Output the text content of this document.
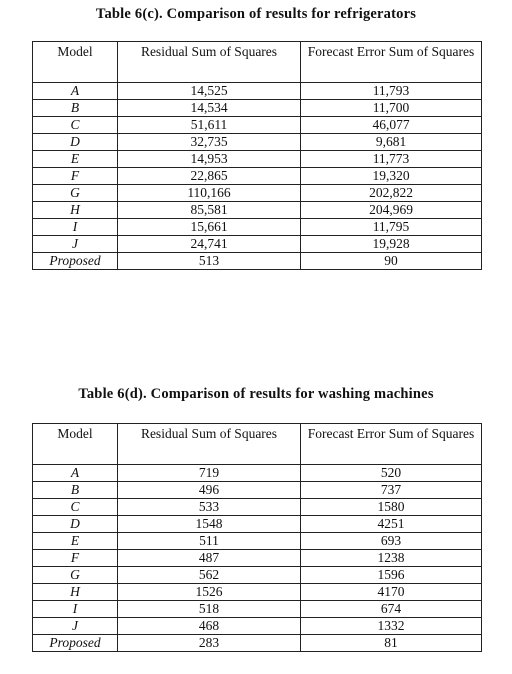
Table 6(c). Comparison of results for refrigerators
Model	Residual Sum of Squares	Forecast Error Sum of Squares
A	14,525	11,793
B	14,534	11,700
C	51,611	46,077
D	32,735	9,681
E	14,953	11,773
F	22,865	19,320
G	110,166	202,822
H	85,581	204,969
I	15,661	11,795
J	24,741	19,928
Proposed	513	90
Table 6(d). Comparison of results for washing machines
Model	Residual Sum of Squares	Forecast Error Sum of Squares
A	719	520
B	496	737
C	533	1580
D	1548	4251
E	511	693
F	487	1238
G	562	1596
H	1526	4170
I	518	674
J	468	1332
Proposed	283	81
